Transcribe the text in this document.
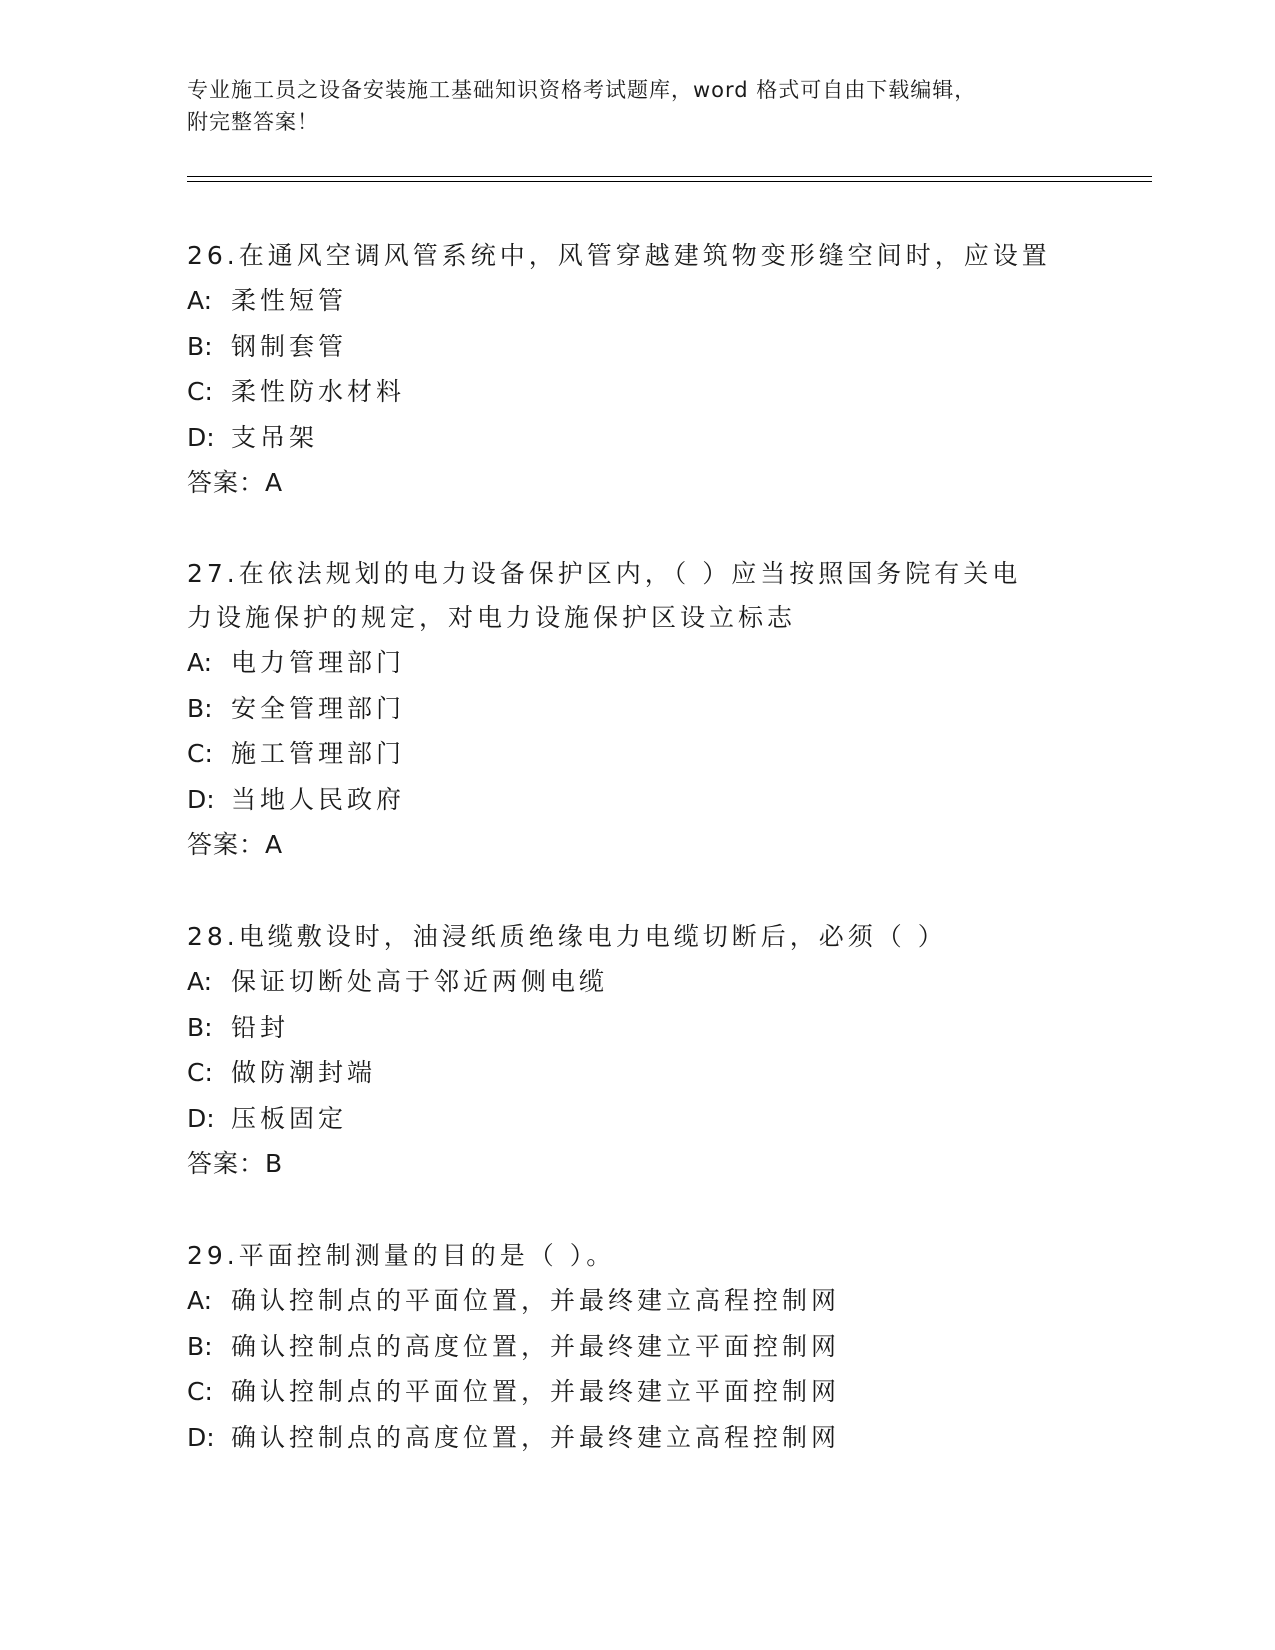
专业施工员之设备安装施工基础知识资格考试题库，word 格式可自由下载编辑，
附完整答案！

26.在通风空调风管系统中，风管穿越建筑物变形缝空间时，应设置

A: 柔性短管
B: 钢制套管
C: 柔性防水材料
D: 支吊架

答案：A

27.在依法规划的电力设备保护区内，（ ）应当按照国务院有关电力设施保护的规定，对电力设施保护区设立标志

A: 电力管理部门
B: 安全管理部门
C: 施工管理部门
D: 当地人民政府

答案：A

28.电缆敷设时，油浸纸质绝缘电力电缆切断后，必须（ ）

A: 保证切断处高于邻近两侧电缆
B: 铅封
C: 做防潮封端
D: 压板固定

答案：B

29.平面控制测量的目的是（ ）。

A: 确认控制点的平面位置，并最终建立高程控制网
B: 确认控制点的高度位置，并最终建立平面控制网
C: 确认控制点的平面位置，并最终建立平面控制网
D: 确认控制点的高度位置，并最终建立高程控制网
